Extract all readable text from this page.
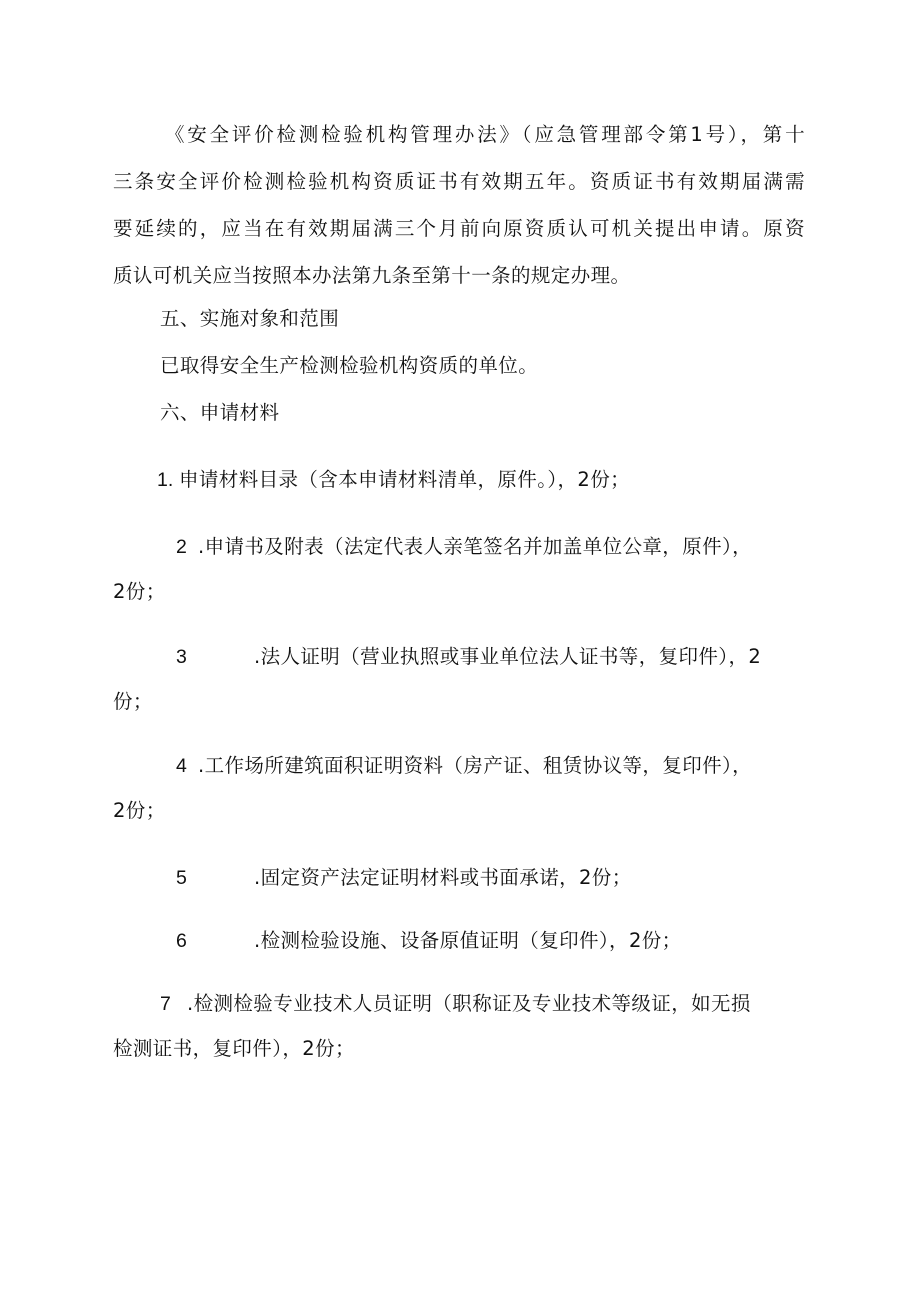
《安全评价检测检验机构管理办法》（应急管理部令第1号），第十
三条安全评价检测检验机构资质证书有效期五年。资质证书有效期届满需
要延续的，应当在有效期届满三个月前向原资质认可机关提出申请。原资
质认可机关应当按照本办法第九条至第十一条的规定办理。
五、实施对象和范围
已取得安全生产检测检验机构资质的单位。
六、申请材料
1. 申请材料目录（含本申请材料清单，原件。），2份；
2 .申请书及附表（法定代表人亲笔签名并加盖单位公章，原件），
2份；
3	.法人证明（营业执照或事业单位法人证书等，复印件），2
份；
4 .工作场所建筑面积证明资料（房产证、租赁协议等，复印件），
2份；
5	.固定资产法定证明材料或书面承诺，2份；
6	.检测检验设施、设备原值证明（复印件），2份；
7 .检测检验专业技术人员证明（职称证及专业技术等级证，如无损
检测证书，复印件），2份；
